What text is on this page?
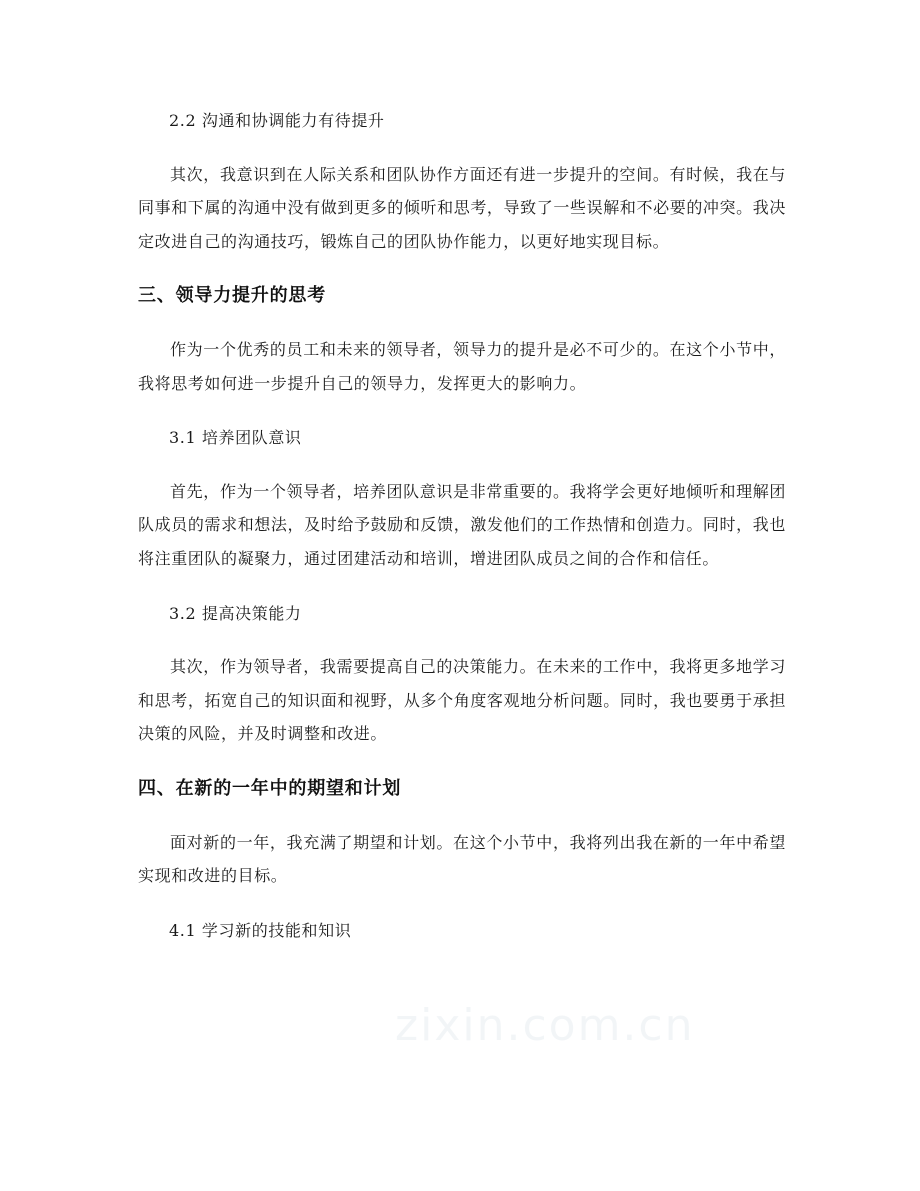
2.2 沟通和协调能力有待提升

其次，我意识到在人际关系和团队协作方面还有进一步提升的空间。有时候，我在与同事和下属的沟通中没有做到更多的倾听和思考，导致了一些误解和不必要的冲突。我决定改进自己的沟通技巧，锻炼自己的团队协作能力，以更好地实现目标。

三、领导力提升的思考

作为一个优秀的员工和未来的领导者，领导力的提升是必不可少的。在这个小节中，我将思考如何进一步提升自己的领导力，发挥更大的影响力。

3.1 培养团队意识

首先，作为一个领导者，培养团队意识是非常重要的。我将学会更好地倾听和理解团队成员的需求和想法，及时给予鼓励和反馈，激发他们的工作热情和创造力。同时，我也将注重团队的凝聚力，通过团建活动和培训，增进团队成员之间的合作和信任。

3.2 提高决策能力

其次，作为领导者，我需要提高自己的决策能力。在未来的工作中，我将更多地学习和思考，拓宽自己的知识面和视野，从多个角度客观地分析问题。同时，我也要勇于承担决策的风险，并及时调整和改进。

四、在新的一年中的期望和计划

面对新的一年，我充满了期望和计划。在这个小节中，我将列出我在新的一年中希望实现和改进的目标。

4.1 学习新的技能和知识

zixin.com.cn
